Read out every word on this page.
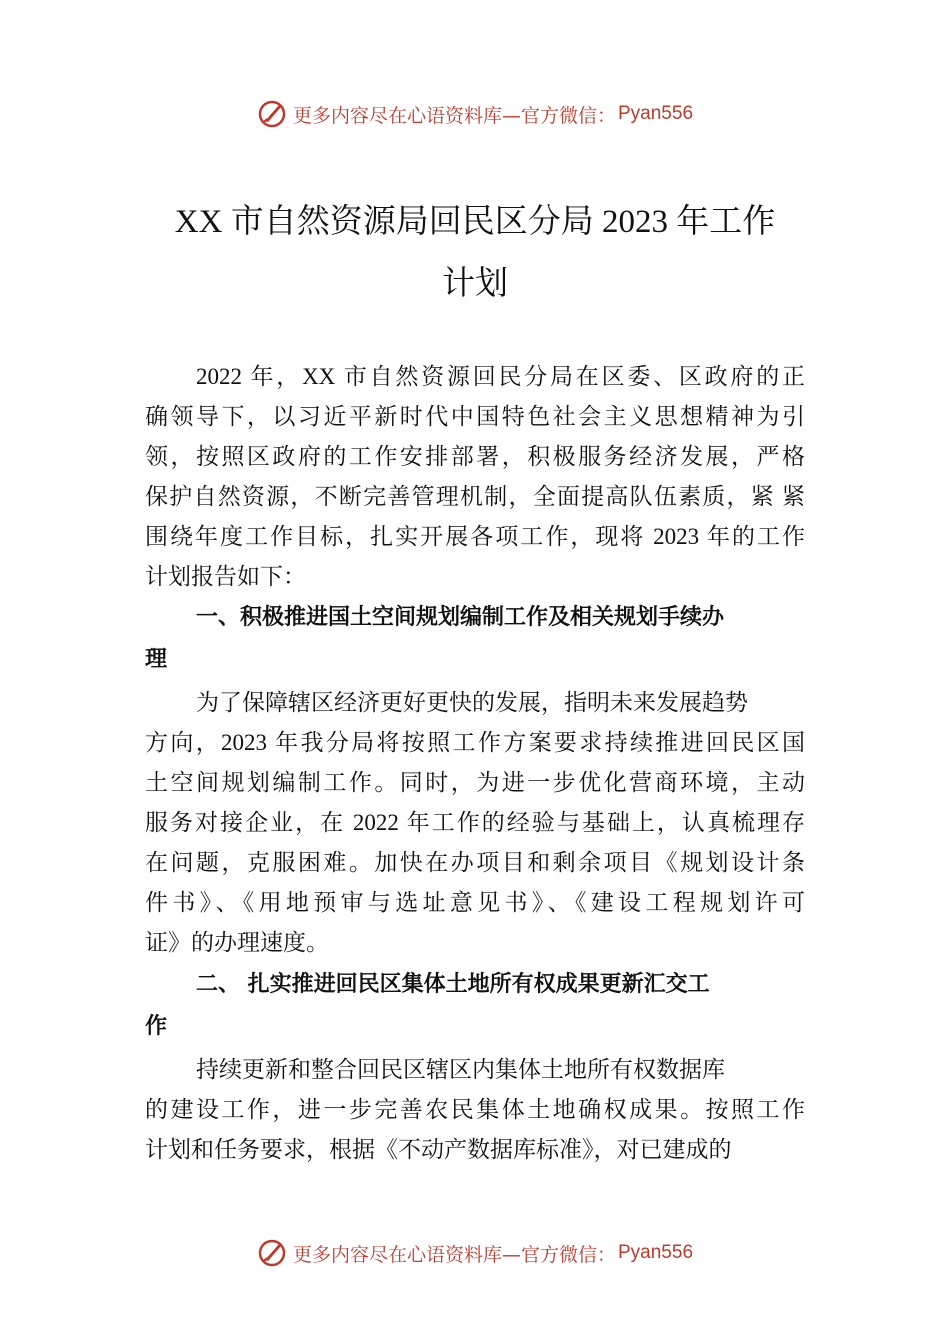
更多内容尽在心语资料库—官方微信： Pyan556
XX 市自然资源局回民区分局 2023 年工作
计划
2022 年，XX 市自然资源回民分局在区委、区政府的正
确领导下，以习近平新时代中国特色社会主义思想精神为引
领，按照区政府的工作安排部署，积极服务经济发展，严格
保护自然资源，不断完善管理机制，全面提高队伍素质，紧 紧
围绕年度工作目标，扎实开展各项工作，现将 2023 年的工作
计划报告如下：
一、积极推进国土空间规划编制工作及相关规划手续办
理
为了保障辖区经济更好更快的发展，指明未来发展趋势
方向，2023 年我分局将按照工作方案要求持续推进回民区国
土空间规划编制工作。同时，为进一步优化营商环境，主动
服务对接企业，在 2022 年工作的经验与基础上，认真梳理存
在问题，克服困难。加快在办项目和剩余项目《规划设计条
件书》、《用地预审与选址意见书》、《建设工程规划许可
证》的办理速度。
二、 扎实推进回民区集体土地所有权成果更新汇交工
作
持续更新和整合回民区辖区内集体土地所有权数据库
的建设工作，进一步完善农民集体土地确权成果。按照工作
计划和任务要求，根据《不动产数据库标准》，对已建成的
更多内容尽在心语资料库—官方微信： Pyan556
